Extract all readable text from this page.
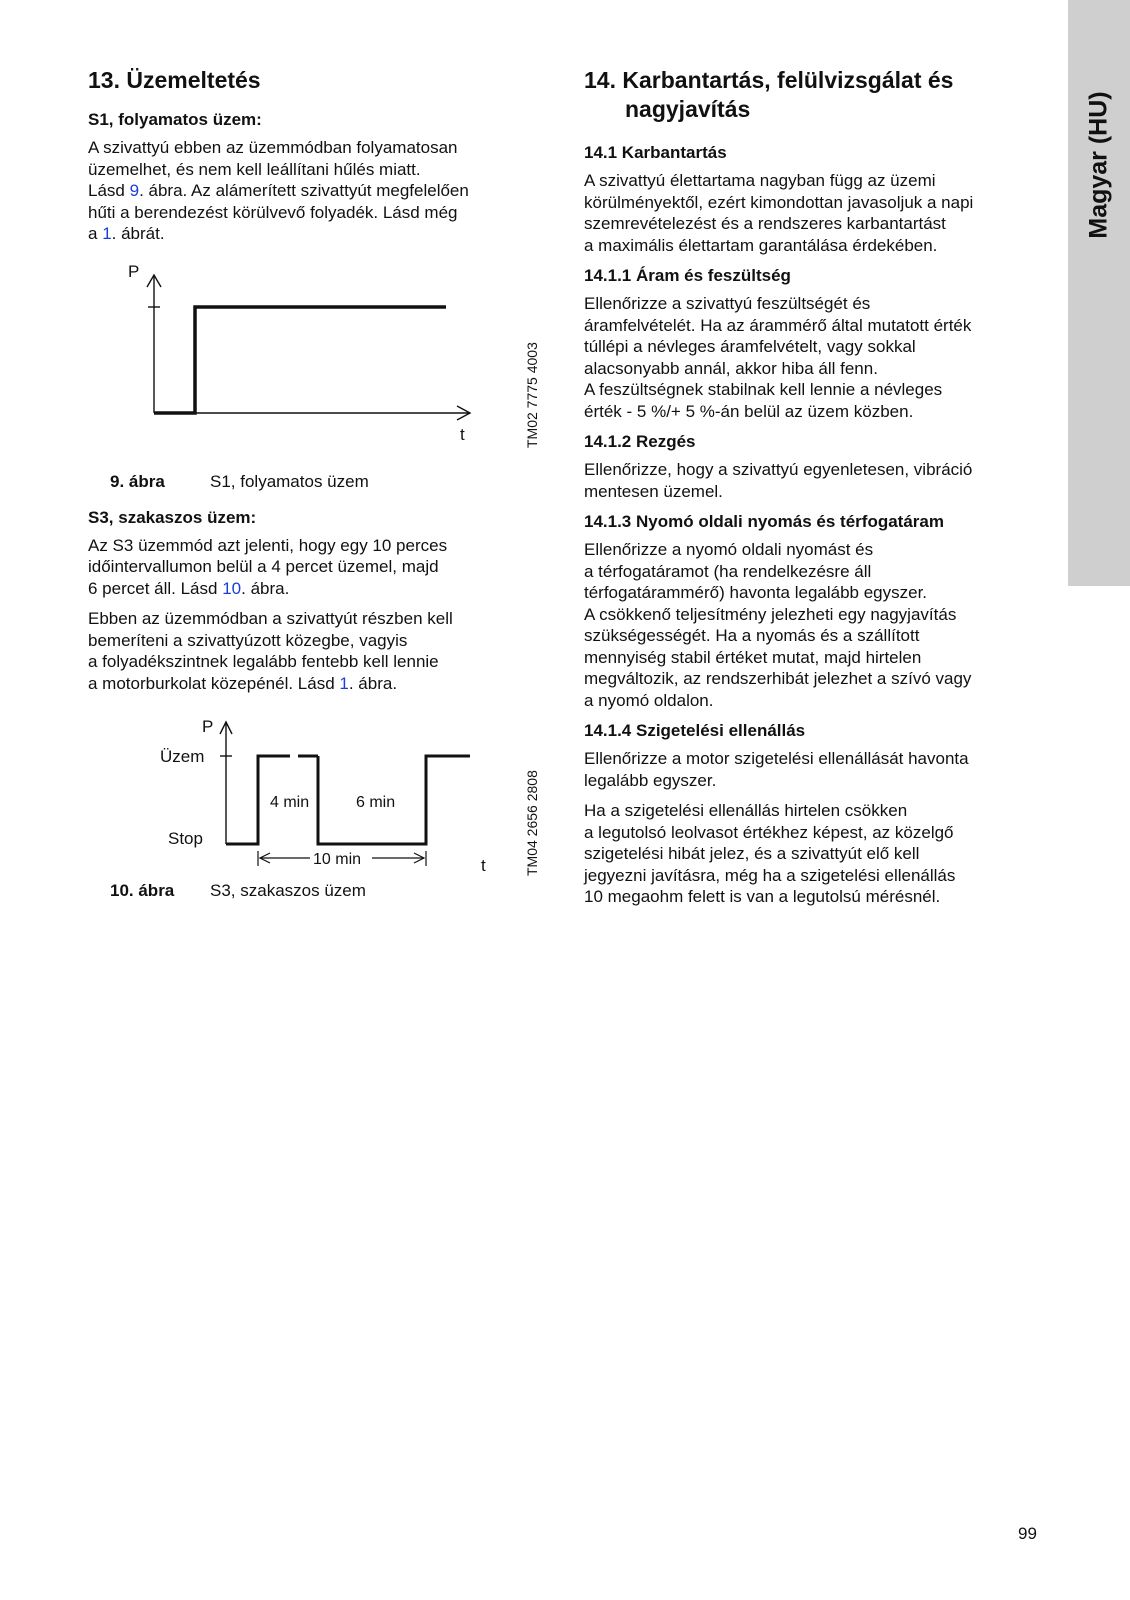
Magyar (HU)
13. Üzemeltetés
S1, folyamatos üzem:

A szivattyú ebben az üzemmódban folyamatosan
üzemelhet, és nem kell leállítani hűlés miatt.
Lásd 9. ábra. Az alámerített szivattyút megfelelően
hűti a berendezést körülvevő folyadék. Lásd még
a 1. ábrát.

P
t	TM02 7775 4003
9. ábra	S1, folyamatos üzem
S3, szakaszos üzem:

Az S3 üzemmód azt jelenti, hogy egy 10 perces
időintervallumon belül a 4 percet üzemel, majd
6 percet áll. Lásd 10. ábra.

Ebben az üzemmódban a szivattyút részben kell
bemeríteni a szivattyúzott közegbe, vagyis
a folyadékszintnek legalább fentebb kell lennie
a motorburkolat közepénél. Lásd 1. ábra.

P
Üzem
Stop
4 min	6 min
10 min	t	TM04 2656 2808
10. ábra S3, szakaszos üzem
14. Karbantartás, felülvizsgálat és
nagyjavítás
14.1 Karbantartás

A szivattyú élettartama nagyban függ az üzemi
körülményektől, ezért kimondottan javasoljuk a napi
szemrevételezést és a rendszeres karbantartást
a maximális élettartam garantálása érdekében.

14.1.1 Áram és feszültség

Ellenőrizze a szivattyú feszültségét és
áramfelvételét. Ha az árammérő által mutatott érték
túllépi a névleges áramfelvételt, vagy sokkal
alacsonyabb annál, akkor hiba áll fenn.
A feszültségnek stabilnak kell lennie a névleges
érték - 5 %/+ 5 %-án belül az üzem közben.

14.1.2 Rezgés

Ellenőrizze, hogy a szivattyú egyenletesen, vibráció
mentesen üzemel.

14.1.3 Nyomó oldali nyomás és térfogatáram

Ellenőrizze a nyomó oldali nyomást és
a térfogatáramot (ha rendelkezésre áll
térfogatárammérő) havonta legalább egyszer.
A csökkenő teljesítmény jelezheti egy nagyjavítás
szükségességét. Ha a nyomás és a szállított
mennyiség stabil értéket mutat, majd hirtelen
megváltozik, az rendszerhibát jelezhet a szívó vagy
a nyomó oldalon.

14.1.4 Szigetelési ellenállás

Ellenőrizze a motor szigetelési ellenállását havonta
legalább egyszer.

Ha a szigetelési ellenállás hirtelen csökken
a legutolsó leolvasot értékhez képest, az közelgő
szigetelési hibát jelez, és a szivattyút elő kell
jegyezni javításra, még ha a szigetelési ellenállás
10 megaohm felett is van a legutolsú mérésnél.

99
